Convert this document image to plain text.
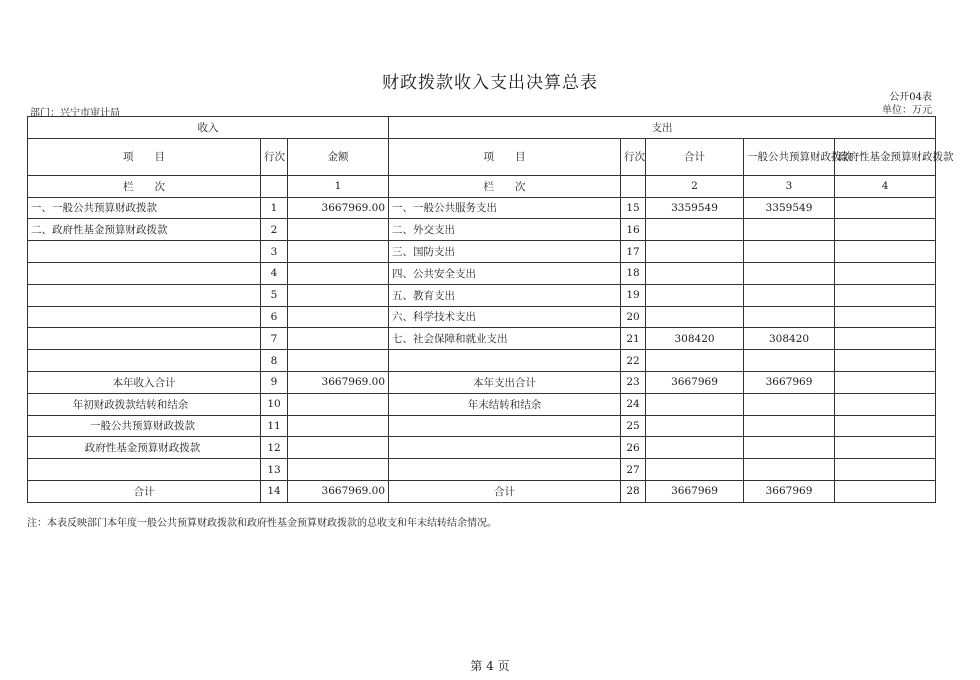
财政拨款收入支出决算总表
公开04表
单位：万元
部门：兴宁市审计局
收入			支出				
项　　目	行次	金额	项　　目	行次	合计	一般公共预算财政拨款	政府性基金预算财政拨款
栏　　次		1	栏　　次		2	3	4
一、一般公共预算财政拨款	1	3667969.00	一、一般公共服务支出	15	3359549	3359549	
二、政府性基金预算财政拨款	2		二、外交支出	16			
	3		三、国防支出	17			
	4		四、公共安全支出	18			
	5		五、教育支出	19			
	6		六、科学技术支出	20			
	7		七、社会保障和就业支出	21	308420	308420	
	8			22			
本年收入合计	9	3667969.00	本年支出合计	23	3667969	3667969	
年初财政拨款结转和结余	10		年末结转和结余	24			
一般公共预算财政拨款	11			25			
政府性基金预算财政拨款	12			26			
	13			27			
合计	14	3667969.00	合计	28	3667969	3667969	
注：本表反映部门本年度一般公共预算财政拨款和政府性基金预算财政拨款的总收支和年末结转结余情况。
第 4 页
